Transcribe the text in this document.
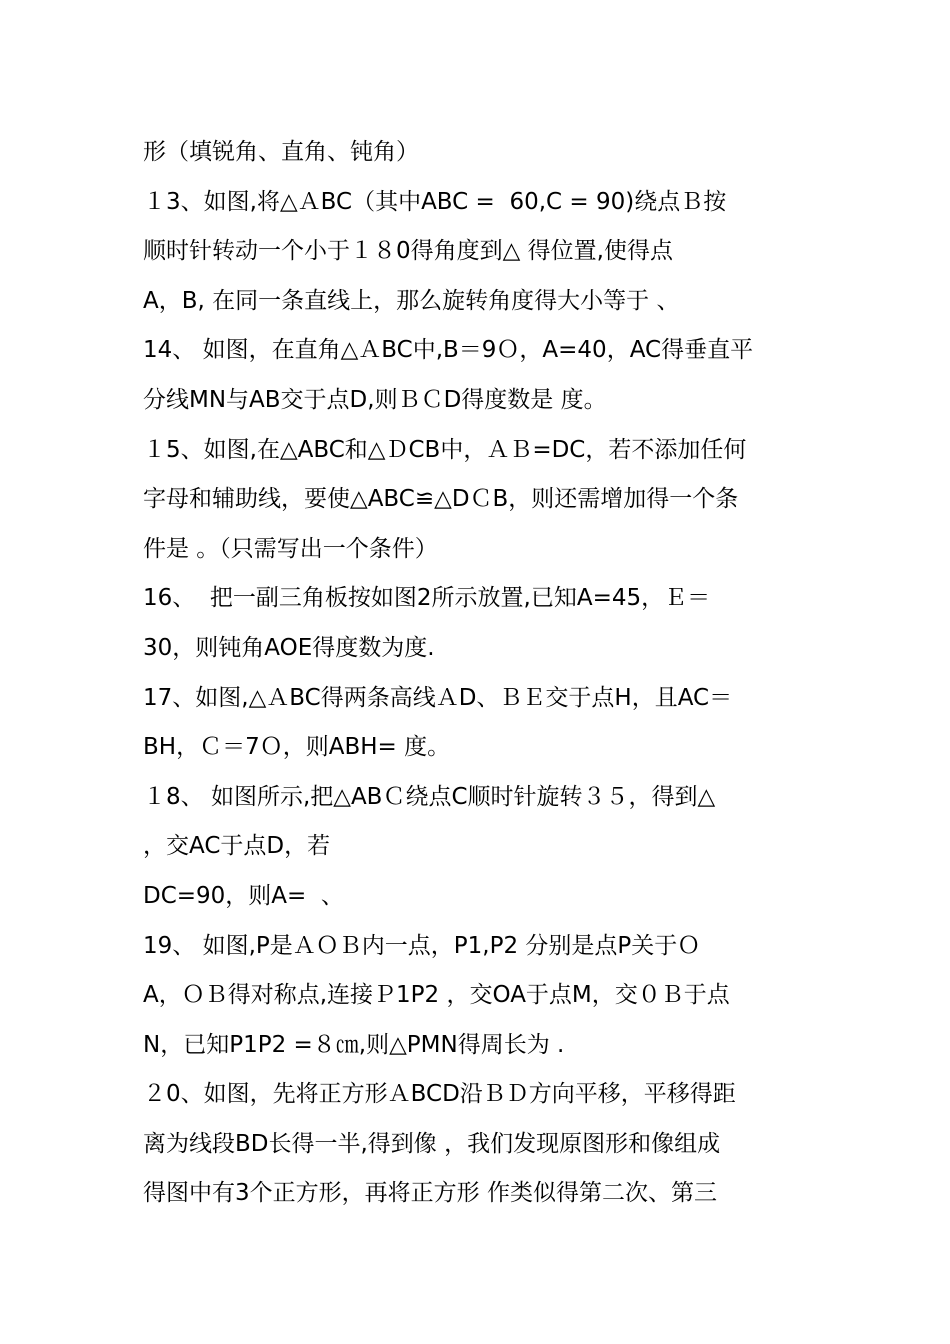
形（填锐角、直角、钝角）
１3、如图,将△ＡBC（其中ABC =  60,C = 90)绕点Ｂ按
顺时针转动一个小于１８0得角度到△ 得位置,使得点
A，B, 在同一条直线上，那么旋转角度得大小等于 、
14、 如图，在直角△ＡBC中,B＝9Ｏ，A=40，AC得垂直平
分线MN与AB交于点D,则ＢＣD得度数是 度。
１5、如图,在△ABC和△ＤCB中，ＡＢ=DC，若不添加任何
字母和辅助线，要使△ABC≌△DＣB，则还需增加得一个条
件是 。（只需写出一个条件）
16、  把一副三角板按如图2所示放置,已知A=45，Ｅ＝
30，则钝角AOE得度数为度.
17、如图,△ＡBC得两条高线ＡD、ＢＥ交于点H，且AC＝
BH，Ｃ＝7Ｏ，则ABH= 度。
１8、 如图所示,把△ABＣ绕点C顺时针旋转３５，得到△
，交AC于点D，若
DC=90，则A=  、
19、 如图,P是ＡＯＢ内一点，P1,P2 分别是点P关于Ｏ
A，ＯＢ得对称点,连接Ｐ1P2 ，交OA于点M，交０Ｂ于点
N，已知P1P2 =８㎝,则△PMN得周长为 .
２0、如图，先将正方形ＡBCD沿ＢＤ方向平移，平移得距
离为线段BD长得一半,得到像 ，我们发现原图形和像组成
得图中有3个正方形，再将正方形 作类似得第二次、第三
